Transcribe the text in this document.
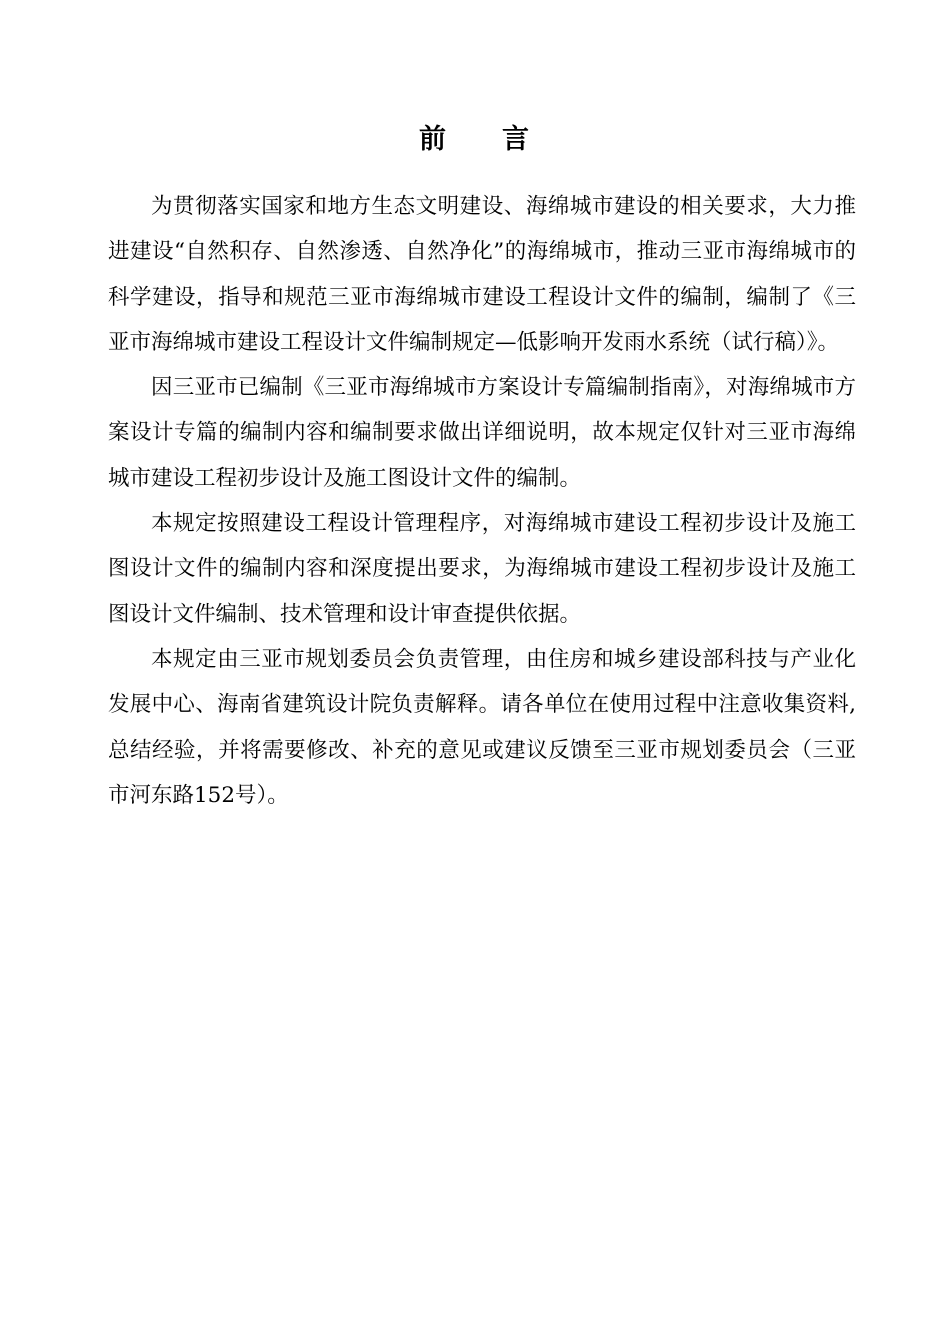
前 言

为贯彻落实国家和地方生态文明建设、海绵城市建设的相关要求，大力推进建设“自然积存、自然渗透、自然净化”的海绵城市，推动三亚市海绵城市的科学建设，指导和规范三亚市海绵城市建设工程设计文件的编制，编制了《三亚市海绵城市建设工程设计文件编制规定—低影响开发雨水系统（试行稿）》。

因三亚市已编制《三亚市海绵城市方案设计专篇编制指南》，对海绵城市方案设计专篇的编制内容和编制要求做出详细说明，故本规定仅针对三亚市海绵城市建设工程初步设计及施工图设计文件的编制。

本规定按照建设工程设计管理程序，对海绵城市建设工程初步设计及施工图设计文件的编制内容和深度提出要求，为海绵城市建设工程初步设计及施工图设计文件编制、技术管理和设计审查提供依据。

本规定由三亚市规划委员会负责管理，由住房和城乡建设部科技与产业化发展中心、海南省建筑设计院负责解释。请各单位在使用过程中注意收集资料,总结经验，并将需要修改、补充的意见或建议反馈至三亚市规划委员会（三亚市河东路152号）。
